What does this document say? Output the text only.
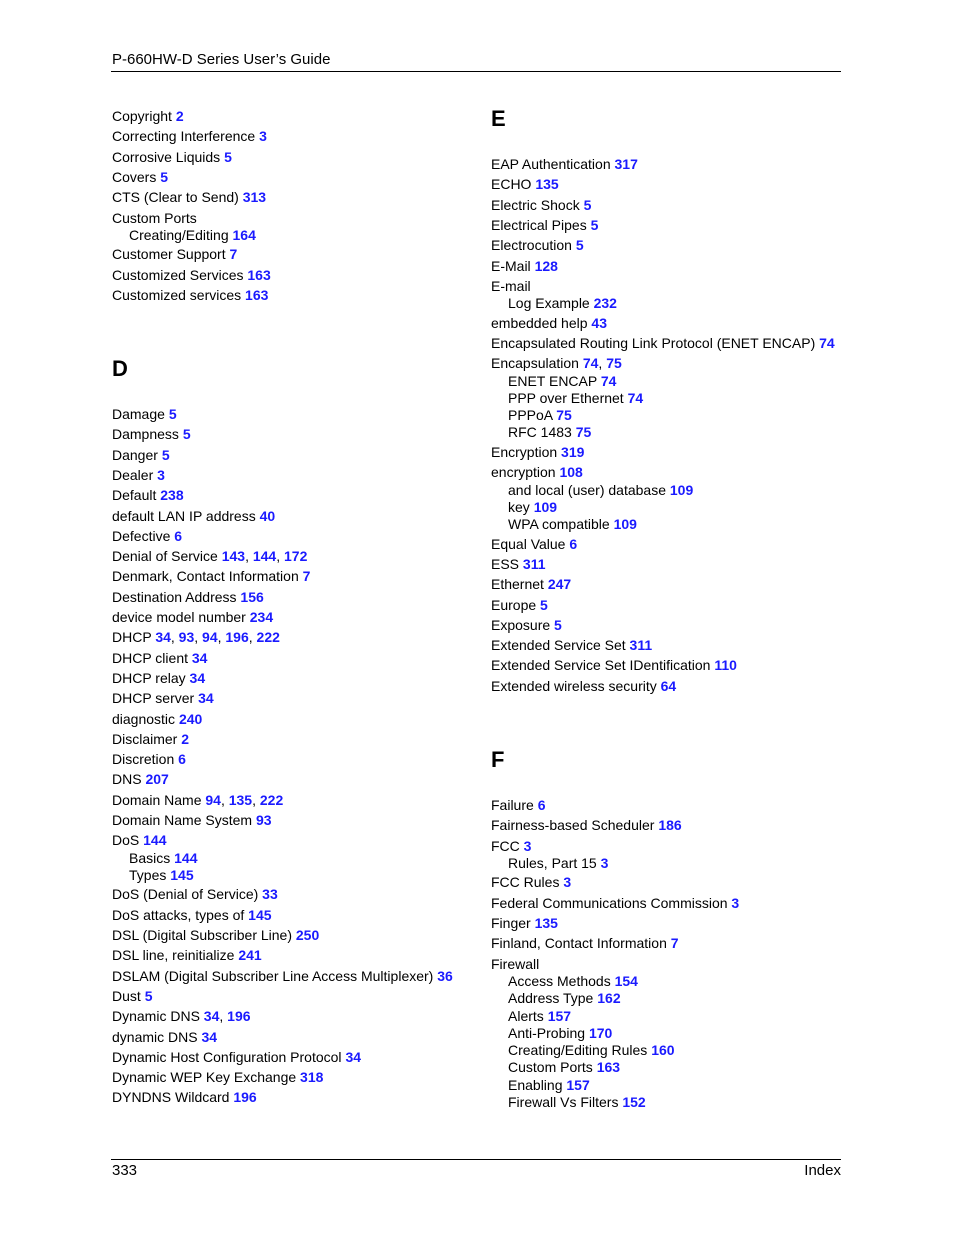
P-660HW-D Series User’s Guide
Copyright 2
Correcting Interference 3
Corrosive Liquids 5
Covers 5
CTS (Clear to Send) 313
Custom Ports
Creating/Editing 164
Customer Support 7
Customized Services 163
Customized services 163
D
Damage 5
Dampness 5
Danger 5
Dealer 3
Default 238
default LAN IP address 40
Defective 6
Denial of Service 143, 144, 172
Denmark, Contact Information 7
Destination Address 156
device model number 234
DHCP 34, 93, 94, 196, 222
DHCP client 34
DHCP relay 34
DHCP server 34
diagnostic 240
Disclaimer 2
Discretion 6
DNS 207
Domain Name 94, 135, 222
Domain Name System 93
DoS 144
Basics 144
Types 145
DoS (Denial of Service) 33
DoS attacks, types of 145
DSL (Digital Subscriber Line) 250
DSL line, reinitialize 241
DSLAM (Digital Subscriber Line Access Multiplexer) 36
Dust 5
Dynamic DNS 34, 196
dynamic DNS 34
Dynamic Host Configuration Protocol 34
Dynamic WEP Key Exchange 318
DYNDNS Wildcard 196
E
EAP Authentication 317
ECHO 135
Electric Shock 5
Electrical Pipes 5
Electrocution 5
E-Mail 128
E-mail
Log Example 232
embedded help 43
Encapsulated Routing Link Protocol (ENET ENCAP) 74
Encapsulation 74, 75
ENET ENCAP 74
PPP over Ethernet 74
PPPoA 75
RFC 1483 75
Encryption 319
encryption 108
and local (user) database 109
key 109
WPA compatible 109
Equal Value 6
ESS 311
Ethernet 247
Europe 5
Exposure 5
Extended Service Set 311
Extended Service Set IDentification 110
Extended wireless security 64
F
Failure 6
Fairness-based Scheduler 186
FCC 3
Rules, Part 15 3
FCC Rules 3
Federal Communications Commission 3
Finger 135
Finland, Contact Information 7
Firewall
Access Methods 154
Address Type 162
Alerts 157
Anti-Probing 170
Creating/Editing Rules 160
Custom Ports 163
Enabling 157
Firewall Vs Filters 152
333	Index
